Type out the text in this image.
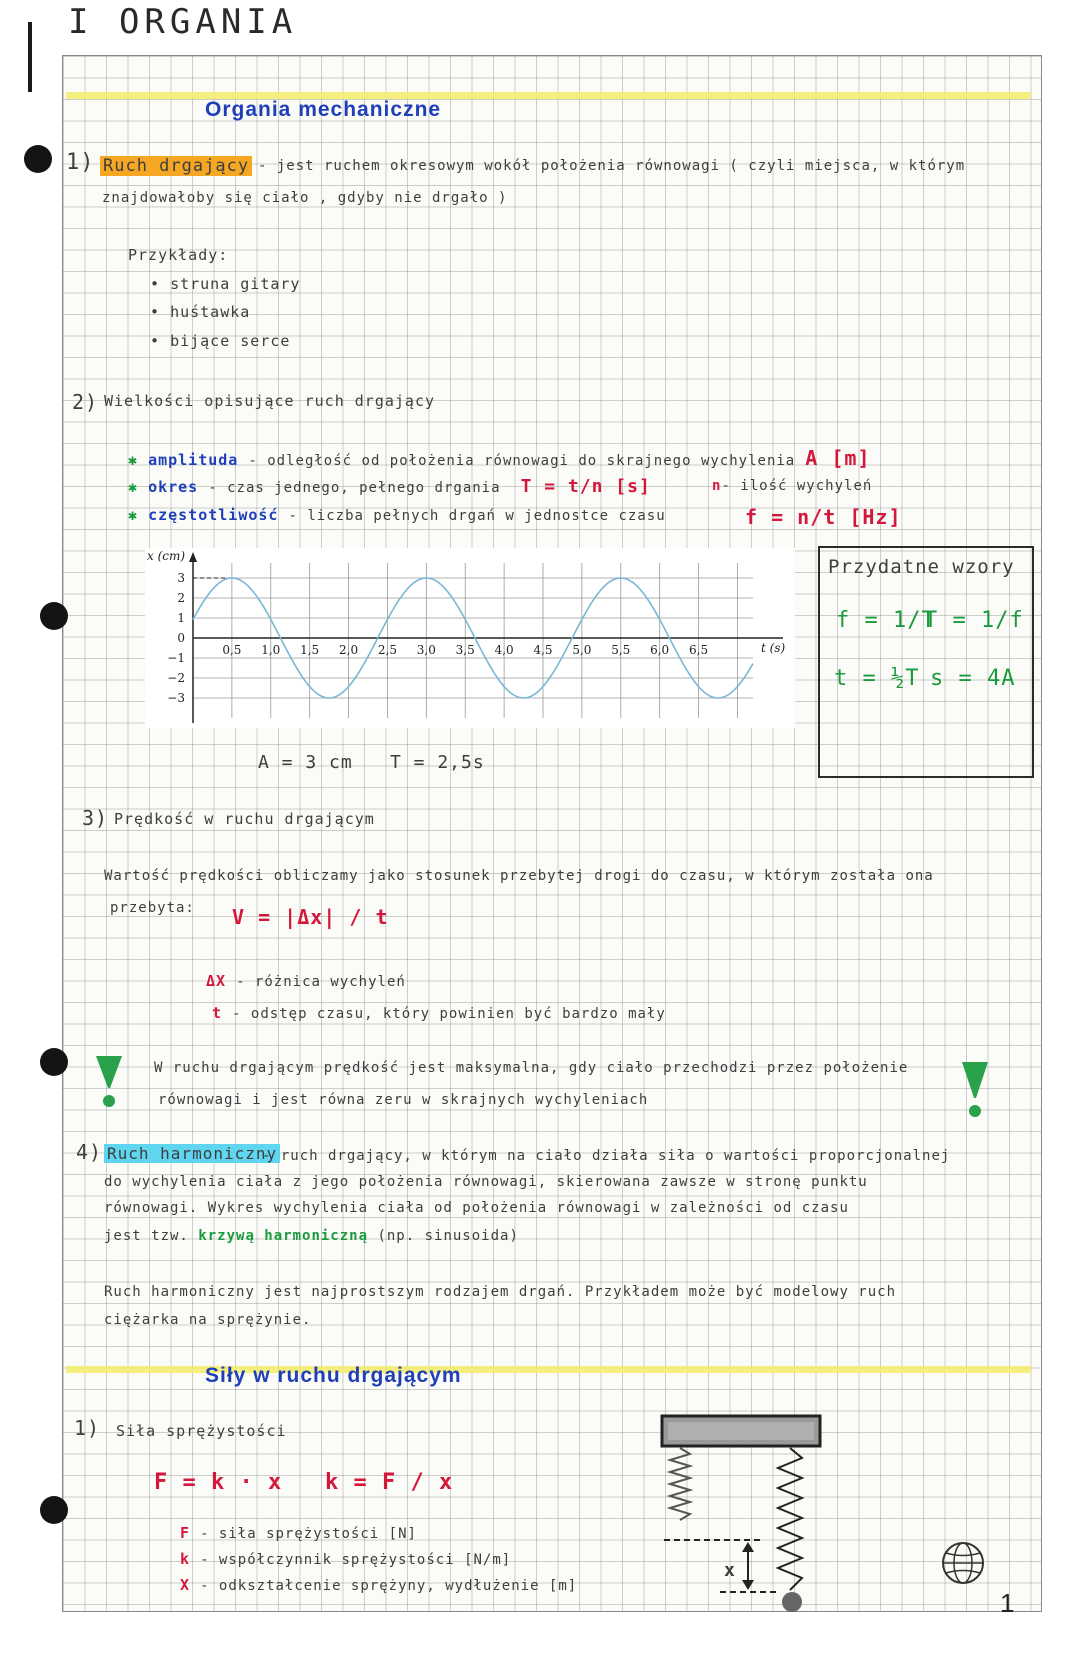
I ORGANIA
Organia mechaniczne
1) Ruch drgający - jest ruchem okresowym wokół położenia równowagi ( czyli miejsca, w którym
znajdowałoby się ciało , gdyby nie drgało )
Przykłady:
• struna gitary
• huśtawka
• bijące serce
2) Wielkości opisujące ruch drgający
✱ amplituda - odległość od położenia równowagi do skrajnego wychylenia A [m]
✱ okres - czas jednego, pełnego drgania T = t/n [s]	n- ilość wychyleń
✱ częstotliwość - liczba pełnych drgań w jednostce czasu	f = n/t [Hz]
x (cm)
t (s)
3
2
1
0
−1
−2
−3
0,5 1,0 1,5 2,0 2,5 3,0 3,5 4,0 4,5 5,0 5,5 6,0 6,5
A = 3 cm T = 2,5s
Przydatne wzory
f = 1/T
T = 1/f
t = ½T s = 4A
3) Prędkość w ruchu drgającym
Wartość prędkości obliczamy jako stosunek przebytej drogi do czasu, w którym została ona
przebyta: V = |Δx| / t
ΔX - różnica wychyleń
t - odstęp czasu, który powinien być bardzo mały
W ruchu drgającym prędkość jest maksymalna, gdy ciało przechodzi przez położenie
równowagi i jest równa zeru w skrajnych wychyleniach
4) Ruch harmoniczny
- ruch drgający, w którym na ciało działa siła o wartości proporcjonalnej
do wychylenia ciała z jego położenia równowagi, skierowana zawsze w stronę punktu
równowagi. Wykres wychylenia ciała od położenia równowagi w zależności od czasu
jest tzw. krzywą harmoniczną (np. sinusoida)
Ruch harmoniczny jest najprostszym rodzajem drgań. Przykładem może być modelowy ruch
ciężarka na sprężynie.
Siły w ruchu drgającym
1) Siła sprężystości
F = k · x k = F / x
F - siła sprężystości [N]
k - współczynnik sprężystości [N/m]
X - odkształcenie sprężyny, wydłużenie [m]
x
1
